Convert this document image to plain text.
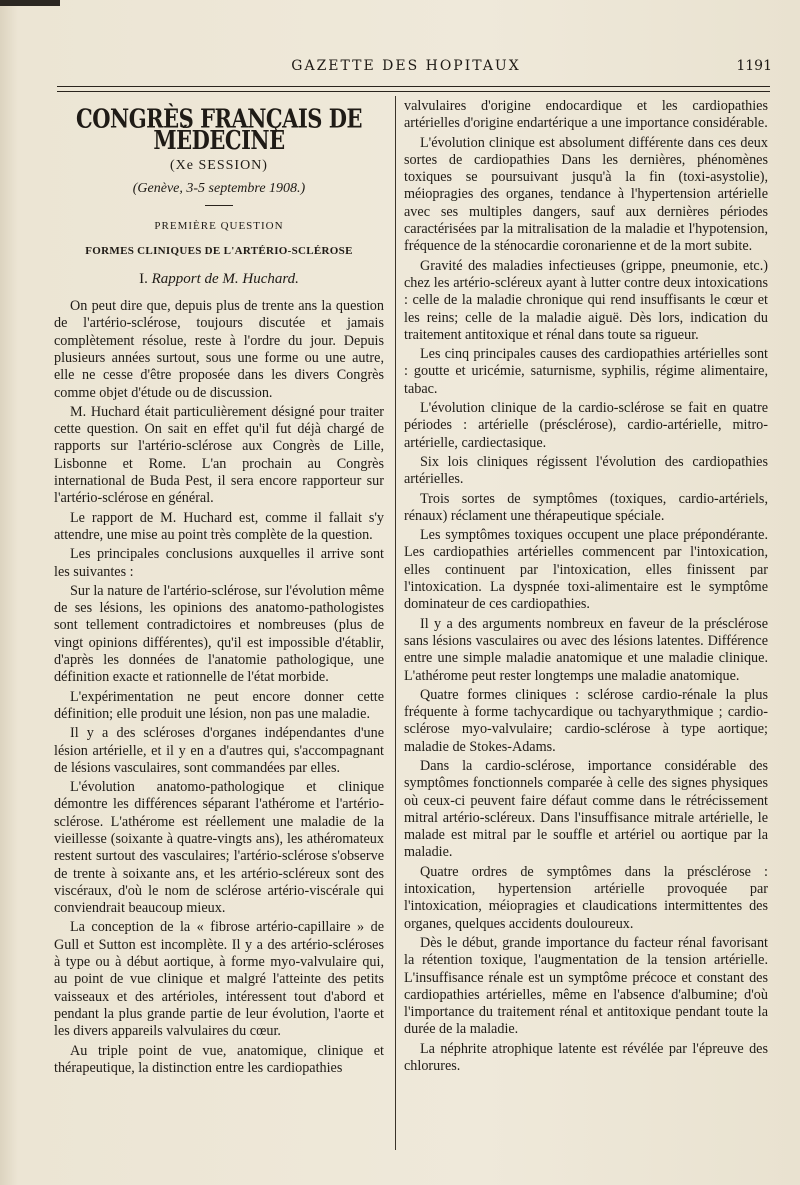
GAZETTE DES HOPITAUX	1191
CONGRÈS FRANÇAIS DE MÉDECINE
(Xe SESSION)
(Genève, 3-5 septembre 1908.)
PREMIÈRE QUESTION
FORMES CLINIQUES DE L'ARTÉRIO-SCLÉROSE
I. Rapport de M. Huchard.

On peut dire que, depuis plus de trente ans la question de l'artério-sclérose, toujours discutée et jamais complètement résolue, reste à l'ordre du jour. Depuis plusieurs années surtout, sous une forme ou une autre, elle ne cesse d'être proposée dans les divers Congrès comme objet d'étude ou de discussion.

M. Huchard était particulièrement désigné pour traiter cette question. On sait en effet qu'il fut déjà chargé de rapports sur l'artério-sclérose aux Congrès de Lille, Lisbonne et Rome. L'an prochain au Congrès international de Buda Pest, il sera encore rapporteur sur l'artério-sclérose en général.

Le rapport de M. Huchard est, comme il fallait s'y attendre, une mise au point très complète de la question.

Les principales conclusions auxquelles il arrive sont les suivantes :

Sur la nature de l'artério-sclérose, sur l'évolution même de ses lésions, les opinions des anatomo-pathologistes sont tellement contradictoires et nombreuses (plus de vingt opinions différentes), qu'il est impossible d'établir, d'après les données de l'anatomie pathologique, une définition exacte et rationnelle de l'état morbide.

L'expérimentation ne peut encore donner cette définition; elle produit une lésion, non pas une maladie.

Il y a des scléroses d'organes indépendantes d'une lésion artérielle, et il y en a d'autres qui, s'accompagnant de lésions vasculaires, sont commandées par elles.

L'évolution anatomo-pathologique et clinique démontre les différences séparant l'athérome et l'artério-sclérose. L'athérome est réellement une maladie de la vieillesse (soixante à quatre-vingts ans), les athéromateux restent surtout des vasculaires; l'artério-sclérose s'observe de trente à soixante ans, et les artério-scléreux sont des viscéraux, d'où le nom de sclérose artério-viscérale qui conviendrait beaucoup mieux.

La conception de la « fibrose artério-capillaire » de Gull et Sutton est incomplète. Il y a des artério-scléroses à type ou à début aortique, à forme myo-valvulaire qui, au point de vue clinique et malgré l'atteinte des petits vaisseaux et des artérioles, intéressent tout d'abord et pendant la plus grande partie de leur évolution, l'aorte et les divers appareils valvulaires du cœur.

Au triple point de vue, anatomique, clinique et thérapeutique, la distinction entre les cardiopathies

valvulaires d'origine endocardique et les cardiopathies artérielles d'origine endartérique a une importance considérable.

L'évolution clinique est absolument différente dans ces deux sortes de cardiopathies Dans les dernières, phénomènes toxiques se poursuivant jusqu'à la fin (toxi-asystolie), méiopragies des organes, tendance à l'hypertension artérielle avec ses multiples dangers, sauf aux dernières périodes caractérisées par la mitralisation de la maladie et l'hypotension, fréquence de la sténocardie coronarienne et de la mort subite.

Gravité des maladies infectieuses (grippe, pneumonie, etc.) chez les artério-scléreux ayant à lutter contre deux intoxications : celle de la maladie chronique qui rend insuffisants le cœur et les reins; celle de la maladie aiguë. Dès lors, indication du traitement antitoxique et rénal dans toute sa rigueur.

Les cinq principales causes des cardiopathies artérielles sont : goutte et uricémie, saturnisme, syphilis, régime alimentaire, tabac.

L'évolution clinique de la cardio-sclérose se fait en quatre périodes : artérielle (présclérose), cardio-artérielle, mitro-artérielle, cardiectasique.

Six lois cliniques régissent l'évolution des cardiopathies artérielles.

Trois sortes de symptômes (toxiques, cardio-artériels, rénaux) réclament une thérapeutique spéciale.

Les symptômes toxiques occupent une place prépondérante. Les cardiopathies artérielles commencent par l'intoxication, elles continuent par l'intoxication, elles finissent par l'intoxication. La dyspnée toxi-alimentaire est le symptôme dominateur de ces cardiopathies.

Il y a des arguments nombreux en faveur de la présclérose sans lésions vasculaires ou avec des lésions latentes. Différence entre une simple maladie anatomique et une maladie clinique. L'athérome peut rester longtemps une maladie anatomique.

Quatre formes cliniques : sclérose cardio-rénale la plus fréquente à forme tachycardique ou tachyarythmique ; cardio-sclérose myo-valvulaire; cardio-sclérose à type aortique; maladie de Stokes-Adams.

Dans la cardio-sclérose, importance considérable des symptômes fonctionnels comparée à celle des signes physiques où ceux-ci peuvent faire défaut comme dans le rétrécissement mitral artério-scléreux. Dans l'insuffisance mitrale artérielle, le malade est mitral par le souffle et artériel ou aortique par la maladie.

Quatre ordres de symptômes dans la présclérose : intoxication, hypertension artérielle provoquée par l'intoxication, méiopragies et claudications intermittentes des organes, quelques accidents douloureux.

Dès le début, grande importance du facteur rénal favorisant la rétention toxique, l'augmentation de la tension artérielle. L'insuffisance rénale est un symptôme précoce et constant des cardiopathies artérielles, même en l'absence d'albumine; d'où l'importance du traitement rénal et antitoxique pendant toute la durée de la maladie.

La néphrite atrophique latente est révélée par l'épreuve des chlorures.
